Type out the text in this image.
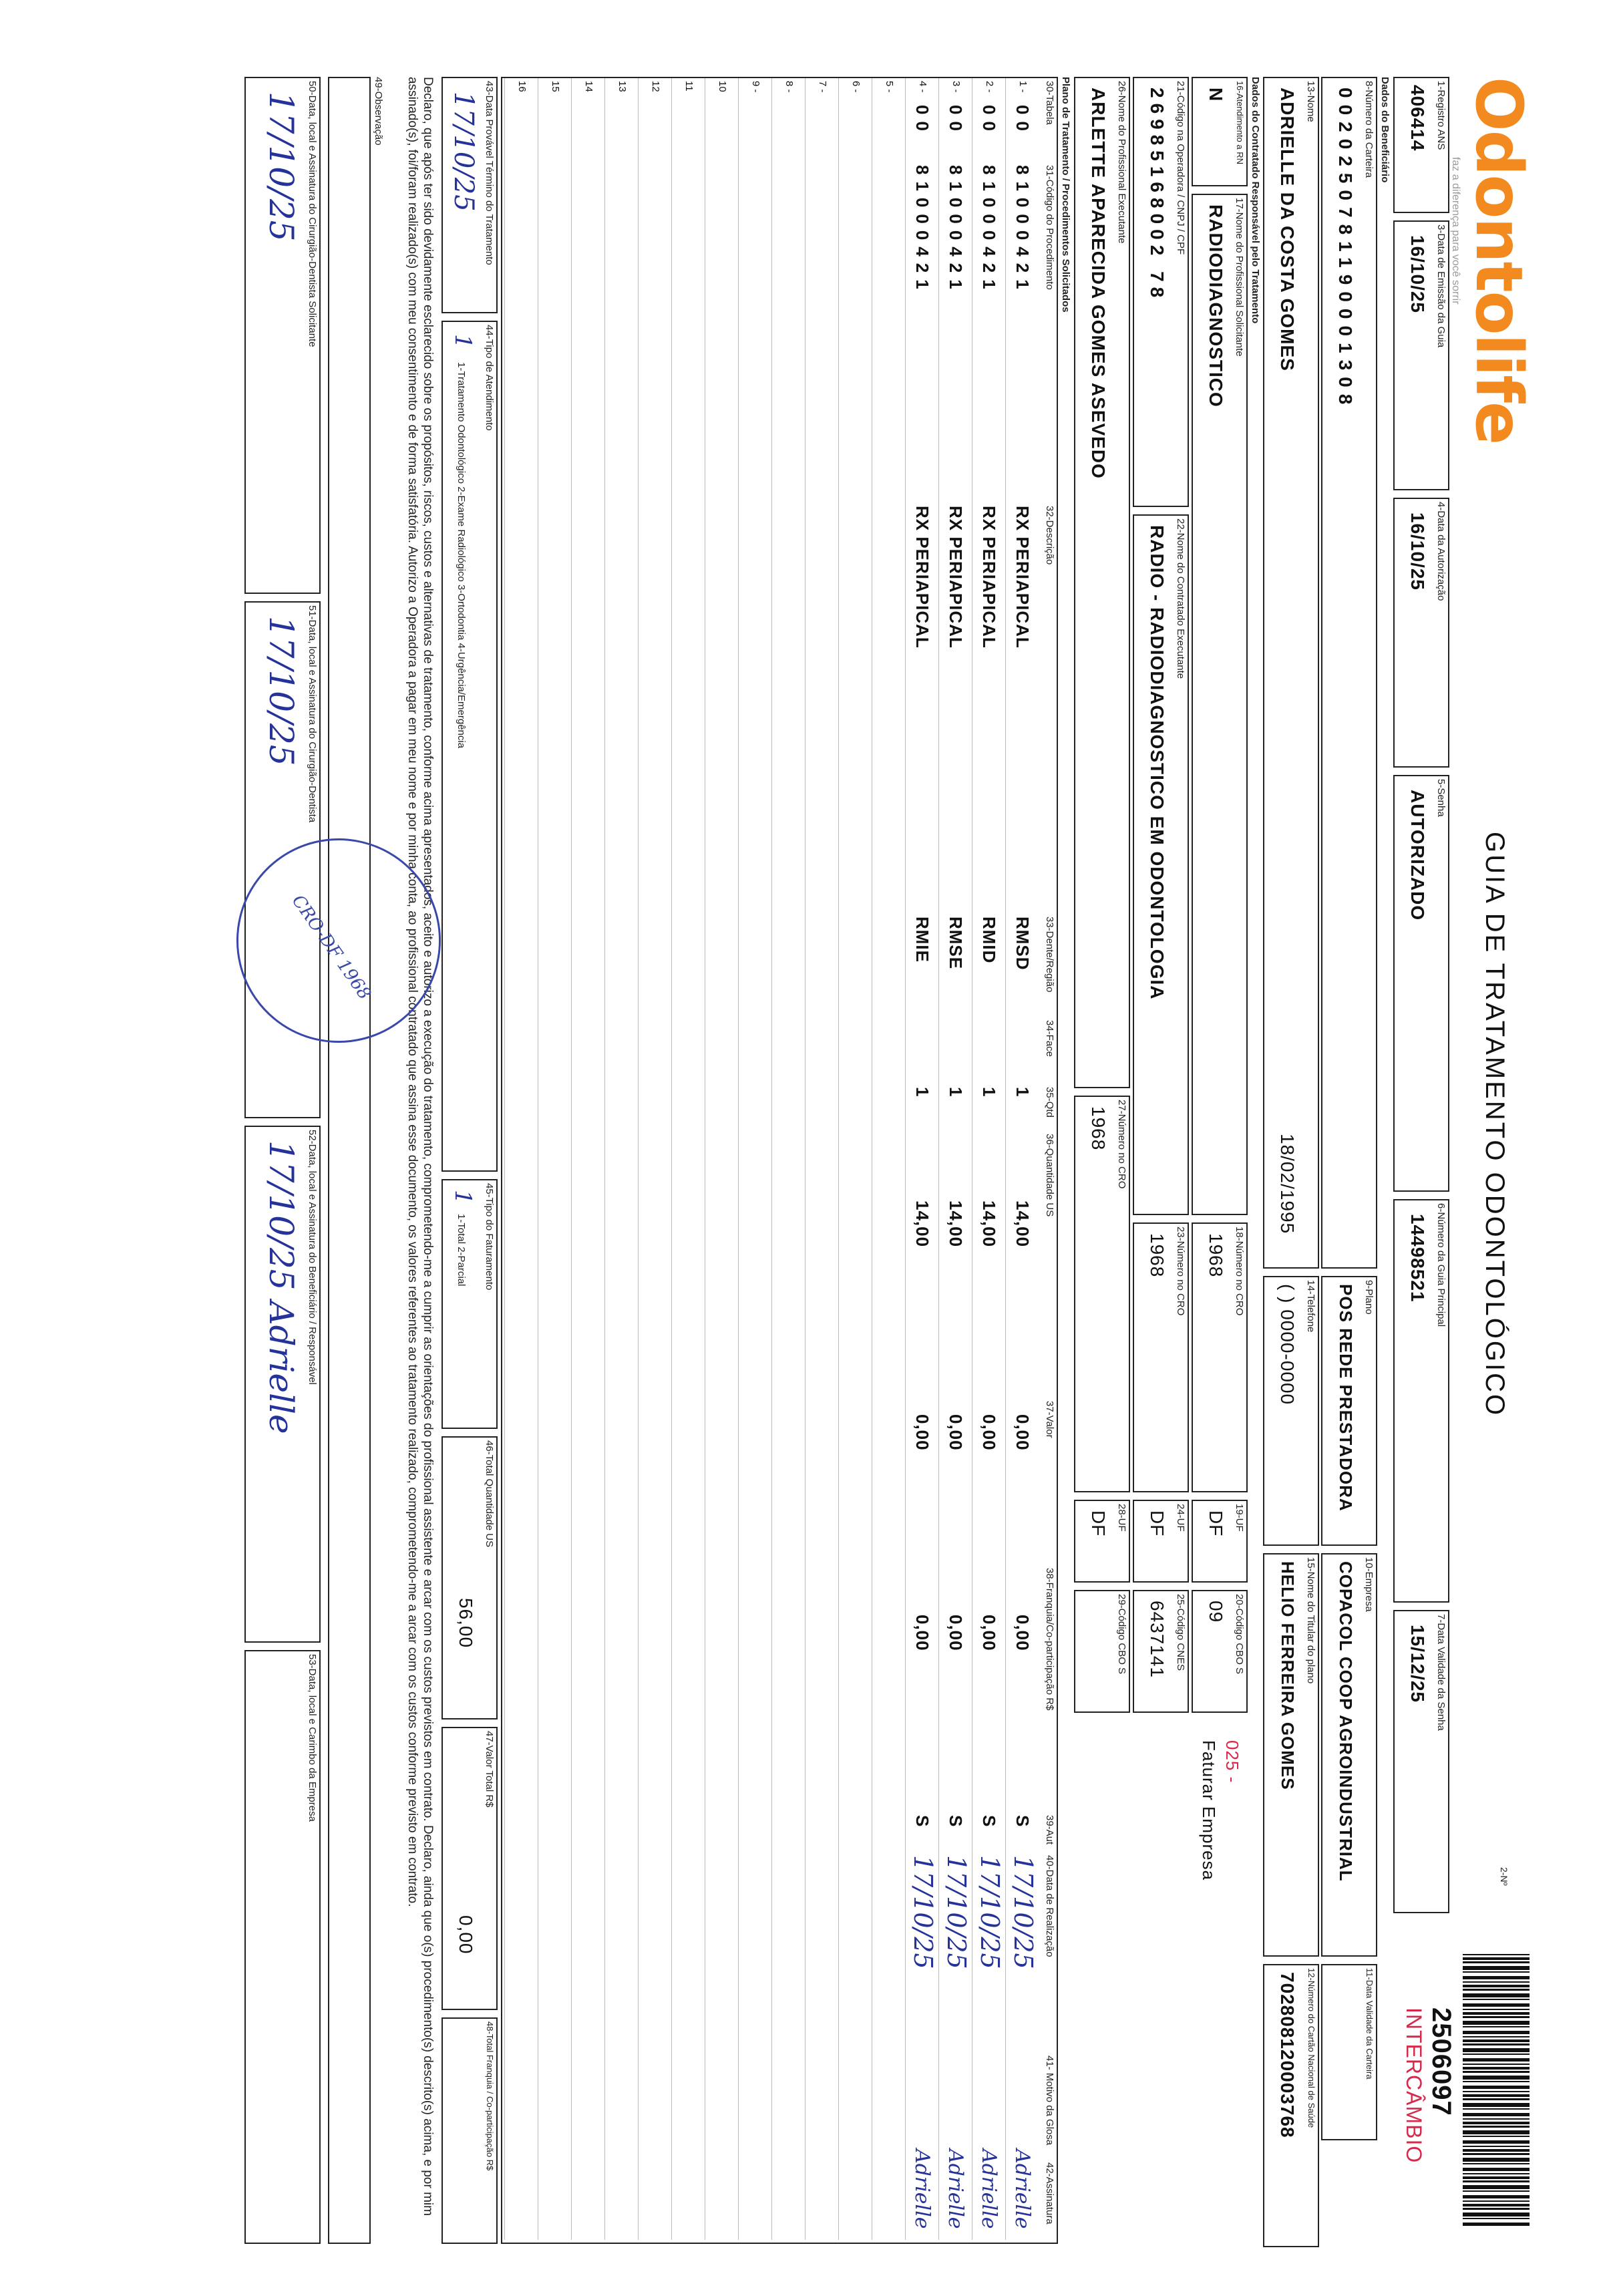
Odontolife
faz a diferença para você sorrir
GUIA DE TRATAMENTO ODONTOLÓGICO
2-Nº
2506097
INTERCÂMBIO
1-Registro ANS
406414
3-Data de Emissão da Guia
16/10/25
4-Data da Autorização
16/10/25
5-Senha
AUTORIZADO
6-Número da Guia Principal
14498521
7-Data Validade da Senha
15/12/25
Dados do Beneficiário
8-Número da Carteira
0020250781190001308
9-Plano
POS REDE PRESTADORA
10-Empresa
COPACOL COOP AGROINDUSTRIAL
11-Data Validade da Carteira
12-Número do Cartão Nacional de Saúde
702808120003768
13-Nome
ADRIELLE DA COSTA GOMES
18/02/1995
14-Telefone
( ) 0000-0000
15-Nome do Titular do plano
HELIO FERREIRA GOMES
Dados do Contratado Responsável pelo Tratamento
16-Atendimento a RN
N
17-Nome do Profissional Solicitante
RADIODIAGNOSTICO
18-Número no CRO
1968
19-UF
DF
20-Código CBO S
09
025 -
Faturar Empresa
21-Código na Operadora / CNPJ / CPF
26985168002 78
22-Nome do Contratado Executante
RADIO - RADIODIAGNOSTICO EM ODONTOLOGIA
23-Número no CRO
1968
24-UF
DF
25-Código CNES
6437141
26-Nome do Profissional Executante
ARLETTE APARECIDA GOMES ASEVEDO
27-Número no CRO
1968
28-UF
DF
29-Código CBO S
Plano de Tratamento / Procedimentos Solicitados
30-Tabela
31-Código do Procedimento
32-Descrição
33-Dente/Região
34-Face
35-Qtd
36-Quantidade US
37-Valor
38-Franquia/Co-participação R$
39-Aut
40-Data de Realização
41- Motivo da Glosa
42-Assinatura
1 -
00
81000421
RX PERIAPICAL
RMSD
1
14,00
0,00
0,00
S
17/10/25
Adrielle
2 -
00
81000421
RX PERIAPICAL
RMID
1
14,00
0,00
0,00
S
17/10/25
Adrielle
3 -
00
81000421
RX PERIAPICAL
RMSE
1
14,00
0,00
0,00
S
17/10/25
Adrielle
4 -
00
81000421
RX PERIAPICAL
RMIE
1
14,00
0,00
0,00
S
17/10/25
Adrielle
5 -
6 -
7 -
8 -
9 -
10
11
12
13
14
15
16
43-Data Provável Término do Tratamento
17/10/25
44-Tipo de Atendimento
1
1-Tratamento Odontológico 2-Exame Radiológico 3-Ortodontia 4-Urgência/Emergência
45-Tipo do Faturamento
1
1-Total 2-Parcial
46-Total Quantidade US
56,00
47-Valor Total R$
0,00
48-Total Franquia / Co-participação R$
Declaro, que após ter sido devidamente esclarecido sobre os propósitos, riscos, custos e alternativas de tratamento, conforme acima apresentados, aceito e autorizo a execução do tratamento, comprometendo-me a cumprir as orientações do profissional assistente e arcar com os custos previstos em contrato. Declaro, ainda que o(s) procedimento(s) descrito(s) acima, e por mim assinado(s), foi/foram realizado(s) com meu consentimento e de forma satisfatória. Autorizo a Operadora a pagar em meu nome e por minha conta, ao profissional contratado que assina esse documento, os valores referentes ao tratamento realizado, comprometendo-me a arcar com os custos conforme previsto em contrato.
49-Observação
50-Data, local e Assinatura do Cirurgião-Dentista Solicitante
17/10/25
51-Data, local e Assinatura do Cirurgião-Dentista
17/10/25
52-Data, local e Assinatura do Beneficiário / Responsável
17/10/25 Adrielle
53-Data, local e Carimbo da Empresa
CRO-DF 1968
